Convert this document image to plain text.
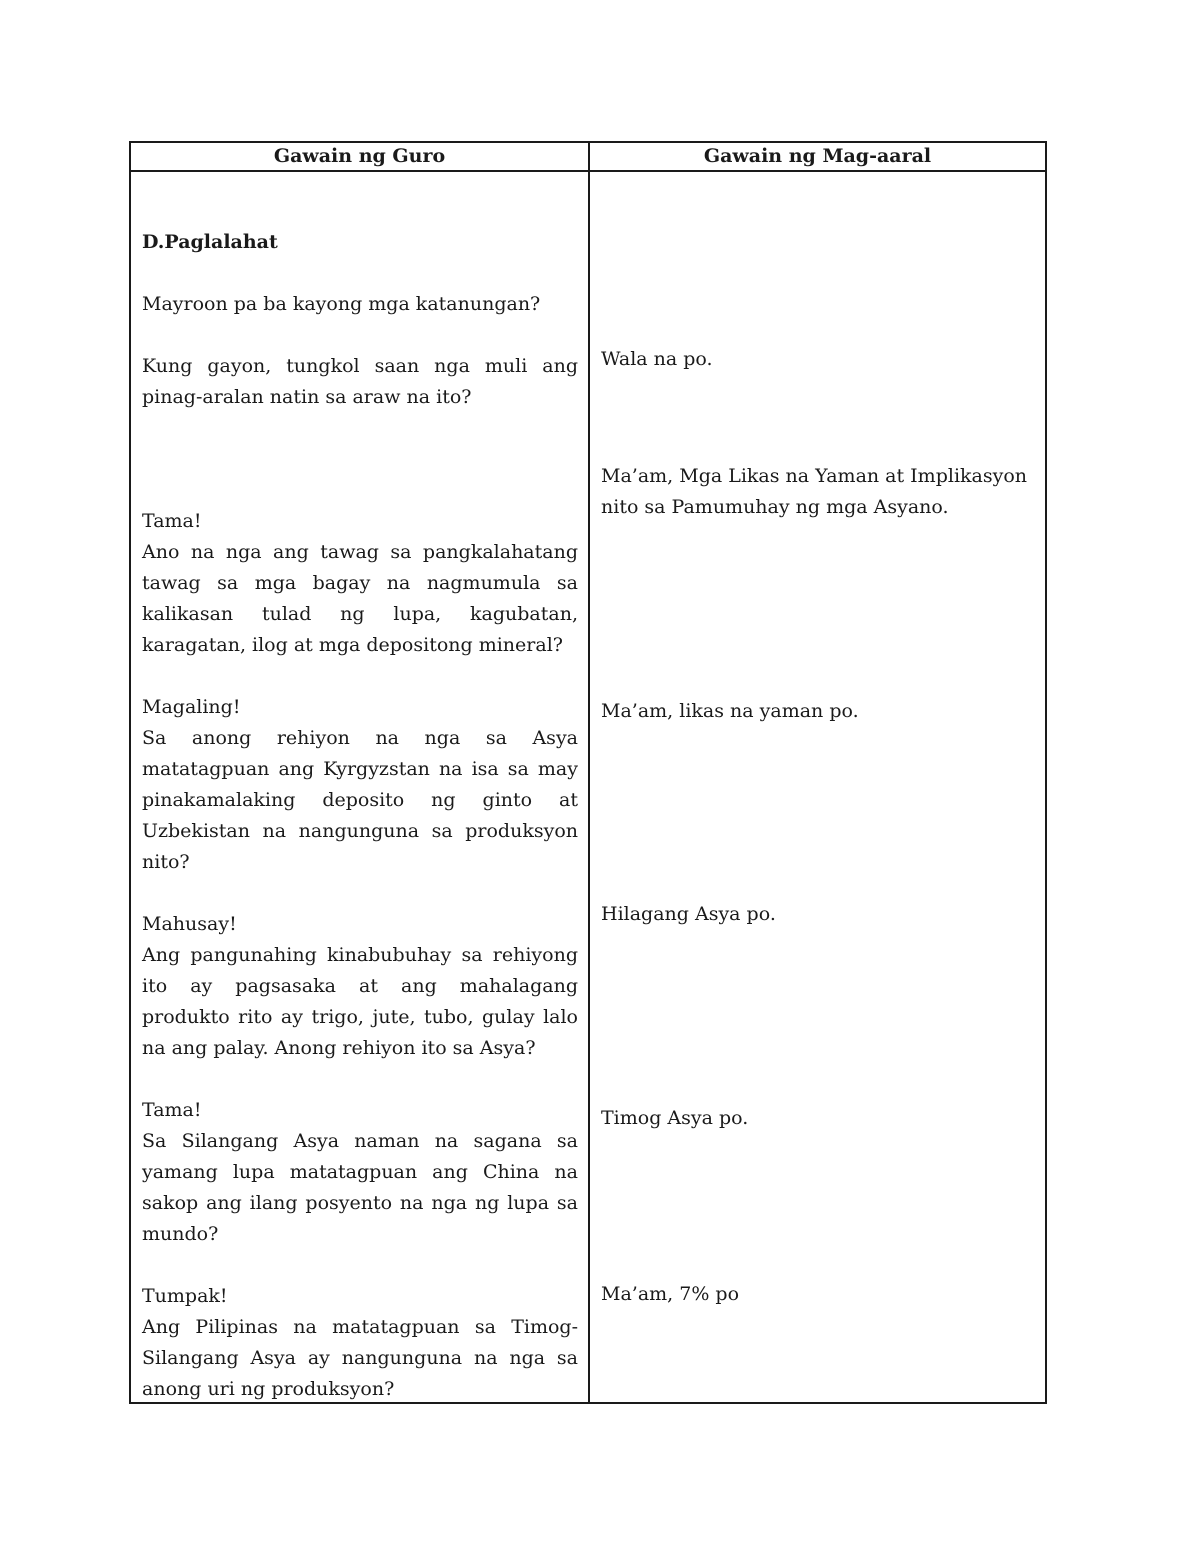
Gawain ng Guro	Gawain ng Mag-aaral
D.Paglalahat
Mayroon pa ba kayong mga katanungan?
Kung gayon, tungkol saan nga muli ang pinag-aralan natin sa araw na ito?
Tama!
Ano na nga ang tawag sa pangkalahatang tawag sa mga bagay na nagmumula sa kalikasan tulad ng lupa, kagubatan, karagatan, ilog at mga depositong mineral?
Magaling!
Sa anong rehiyon na nga sa Asya matatagpuan ang Kyrgyzstan na isa sa may pinakamalaking deposito ng ginto at Uzbekistan na nangunguna sa produksyon nito?
Mahusay!
Ang pangunahing kinabubuhay sa rehiyong ito ay pagsasaka at ang mahalagang produkto rito ay trigo, jute, tubo, gulay lalo na ang palay. Anong rehiyon ito sa Asya?
Tama!
Sa Silangang Asya naman na sagana sa yamang lupa matatagpuan ang China na sakop ang ilang posyento na nga ng lupa sa mundo?
Tumpak!
Ang Pilipinas na matatagpuan sa Timog-Silangang Asya ay nangunguna na nga sa anong uri ng produksyon?
Wala na po.
Ma’am, Mga Likas na Yaman at Implikasyon nito sa Pamumuhay ng mga Asyano.
Ma’am, likas na yaman po.
Hilagang Asya po.
Timog Asya po.
Ma’am, 7% po
